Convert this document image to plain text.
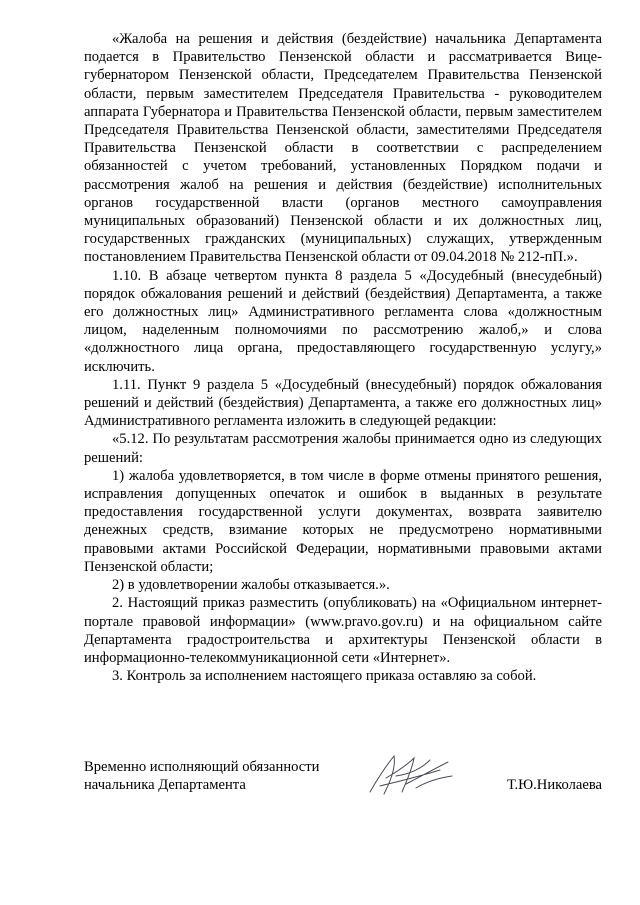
«Жалоба на решения и действия (бездействие) начальника Департамента подается в Правительство Пензенской области и рассматривается Вице-губернатором Пензенской области, Председателем Правительства Пензенской области, первым заместителем Председателя Правительства - руководителем аппарата Губернатора и Правительства Пензенской области, первым заместителем Председателя Правительства Пензенской области, заместителями Председателя Правительства Пензенской области в соответствии с распределением обязанностей с учетом требований, установленных Порядком подачи и рассмотрения жалоб на решения и действия (бездействие) исполнительных органов государственной власти (органов местного самоуправления муниципальных образований) Пензенской области и их должностных лиц, государственных гражданских (муниципальных) служащих, утвержденным постановлением Правительства Пензенской области от 09.04.2018 № 212-пП.».

1.10. В абзаце четвертом пункта 8 раздела 5 «Досудебный (внесудебный) порядок обжалования решений и действий (бездействия) Департамента, а также его должностных лиц» Административного регламента слова «должностным лицом, наделенным полномочиями по рассмотрению жалоб,» и слова «должностного лица органа, предоставляющего государственную услугу,» исключить.

1.11. Пункт 9 раздела 5 «Досудебный (внесудебный) порядок обжалования решений и действий (бездействия) Департамента, а также его должностных лиц» Административного регламента изложить в следующей редакции:

«5.12. По результатам рассмотрения жалобы принимается одно из следующих решений:

1) жалоба удовлетворяется, в том числе в форме отмены принятого решения, исправления допущенных опечаток и ошибок в выданных в результате предоставления государственной услуги документах, возврата заявителю денежных средств, взимание которых не предусмотрено нормативными правовыми актами Российской Федерации, нормативными правовыми актами Пензенской области;

2) в удовлетворении жалобы отказывается.».

2. Настоящий приказ разместить (опубликовать) на «Официальном интернет-портале правовой информации» (www.pravo.gov.ru) и на официальном сайте Департамента градостроительства и архитектуры Пензенской области в информационно-телекоммуникационной сети «Интернет».

3. Контроль за исполнением настоящего приказа оставляю за собой.

Временно исполняющий обязанности
начальника Департамента	Т.Ю.Николаева
